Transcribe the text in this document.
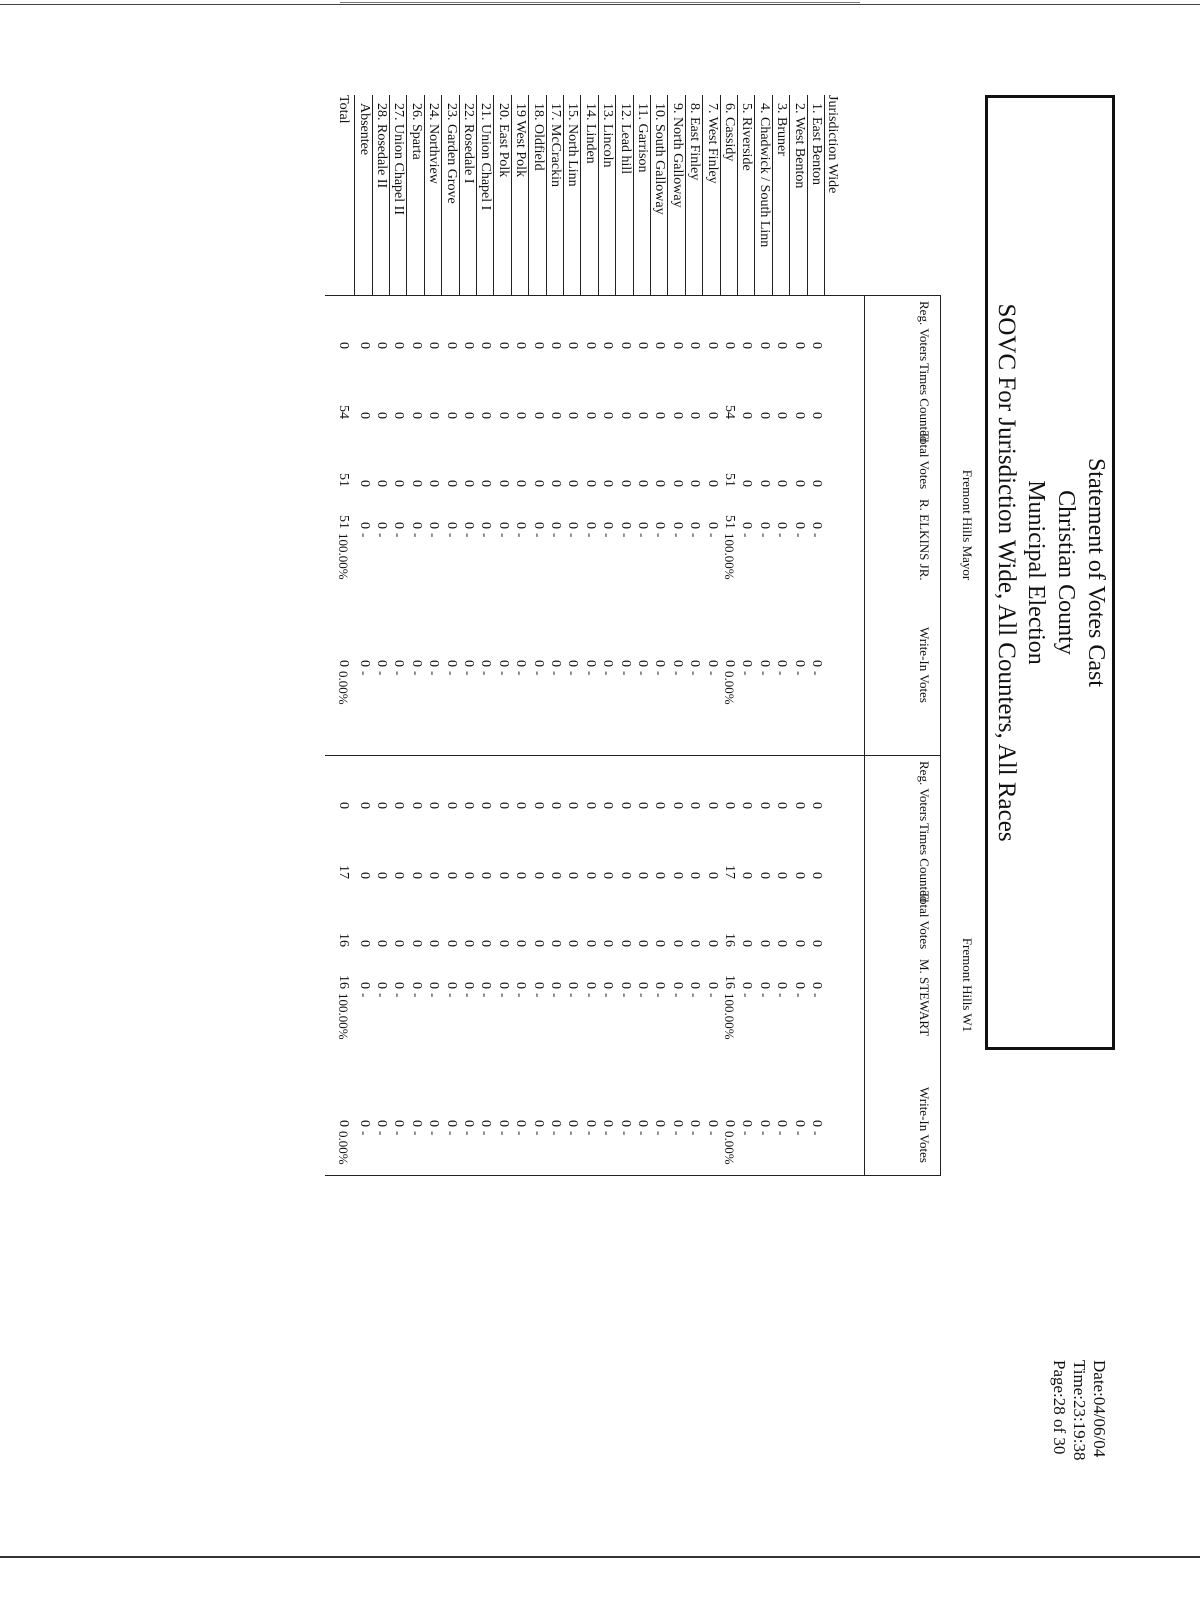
Statement of Votes Cast
Christian County
Municipal Election
SOVC For Jurisdiction Wide, All Counters, All Races
Date:04/06/04
Time:23:19:38
Page:28 of 30
Fremont Hills Mayor
Fremont Hills W1
Reg. Voters
Times Counted
Total Votes
R. ELKINS JR.
Write-In Votes
Reg. Voters
Times Counted
Total Votes
M. STEWART
Write-In Votes
Jurisdiction Wide
1. East Benton
0
0
0
0
-
0
-
0
0
0
0
-
0
-
2. West Benton
0
0
0
0
-
0
-
0
0
0
0
-
0
-
3. Bruner
0
0
0
0
-
0
-
0
0
0
0
-
0
-
4. Chadwick / South Linn
0
0
0
0
-
0
-
0
0
0
0
-
0
-
5. Riverside
0
0
0
0
-
0
-
0
0
0
0
-
0
-
6. Cassidy
0
54
51
51
100.00%
0
0.00%
0
17
16
16
100.00%
0
0.00%
7. West Finley
0
0
0
0
-
0
-
0
0
0
0
-
0
-
8. East Finley
0
0
0
0
-
0
-
0
0
0
0
-
0
-
9. North Galloway
0
0
0
0
-
0
-
0
0
0
0
-
0
-
10. South Galloway
0
0
0
0
-
0
-
0
0
0
0
-
0
-
11. Garrison
0
0
0
0
-
0
-
0
0
0
0
-
0
-
12. Lead hill
0
0
0
0
-
0
-
0
0
0
0
-
0
-
13. Lincoln
0
0
0
0
-
0
-
0
0
0
0
-
0
-
14. Linden
0
0
0
0
-
0
-
0
0
0
0
-
0
-
15. North Linn
0
0
0
0
-
0
-
0
0
0
0
-
0
-
17. McCrackin
0
0
0
0
-
0
-
0
0
0
0
-
0
-
18. Oldfield
0
0
0
0
-
0
-
0
0
0
0
-
0
-
19 West Polk
0
0
0
0
-
0
-
0
0
0
0
-
0
-
20. East Polk
0
0
0
0
-
0
-
0
0
0
0
-
0
-
21. Union Chapel I
0
0
0
0
-
0
-
0
0
0
0
-
0
-
22. Rosedale I
0
0
0
0
-
0
-
0
0
0
0
-
0
-
23. Garden Grove
0
0
0
0
-
0
-
0
0
0
0
-
0
-
24. Northview
0
0
0
0
-
0
-
0
0
0
0
-
0
-
26. Sparta
0
0
0
0
-
0
-
0
0
0
0
-
0
-
27. Union Chapel II
0
0
0
0
-
0
-
0
0
0
0
-
0
-
28. Rosedale II
0
0
0
0
-
0
-
0
0
0
0
-
0
-
Absentee
0
0
0
0
-
0
-
0
0
0
0
-
0
-
Total
0
54
51
51
100.00%
0
0.00%
0
17
16
16
100.00%
0
0.00%
